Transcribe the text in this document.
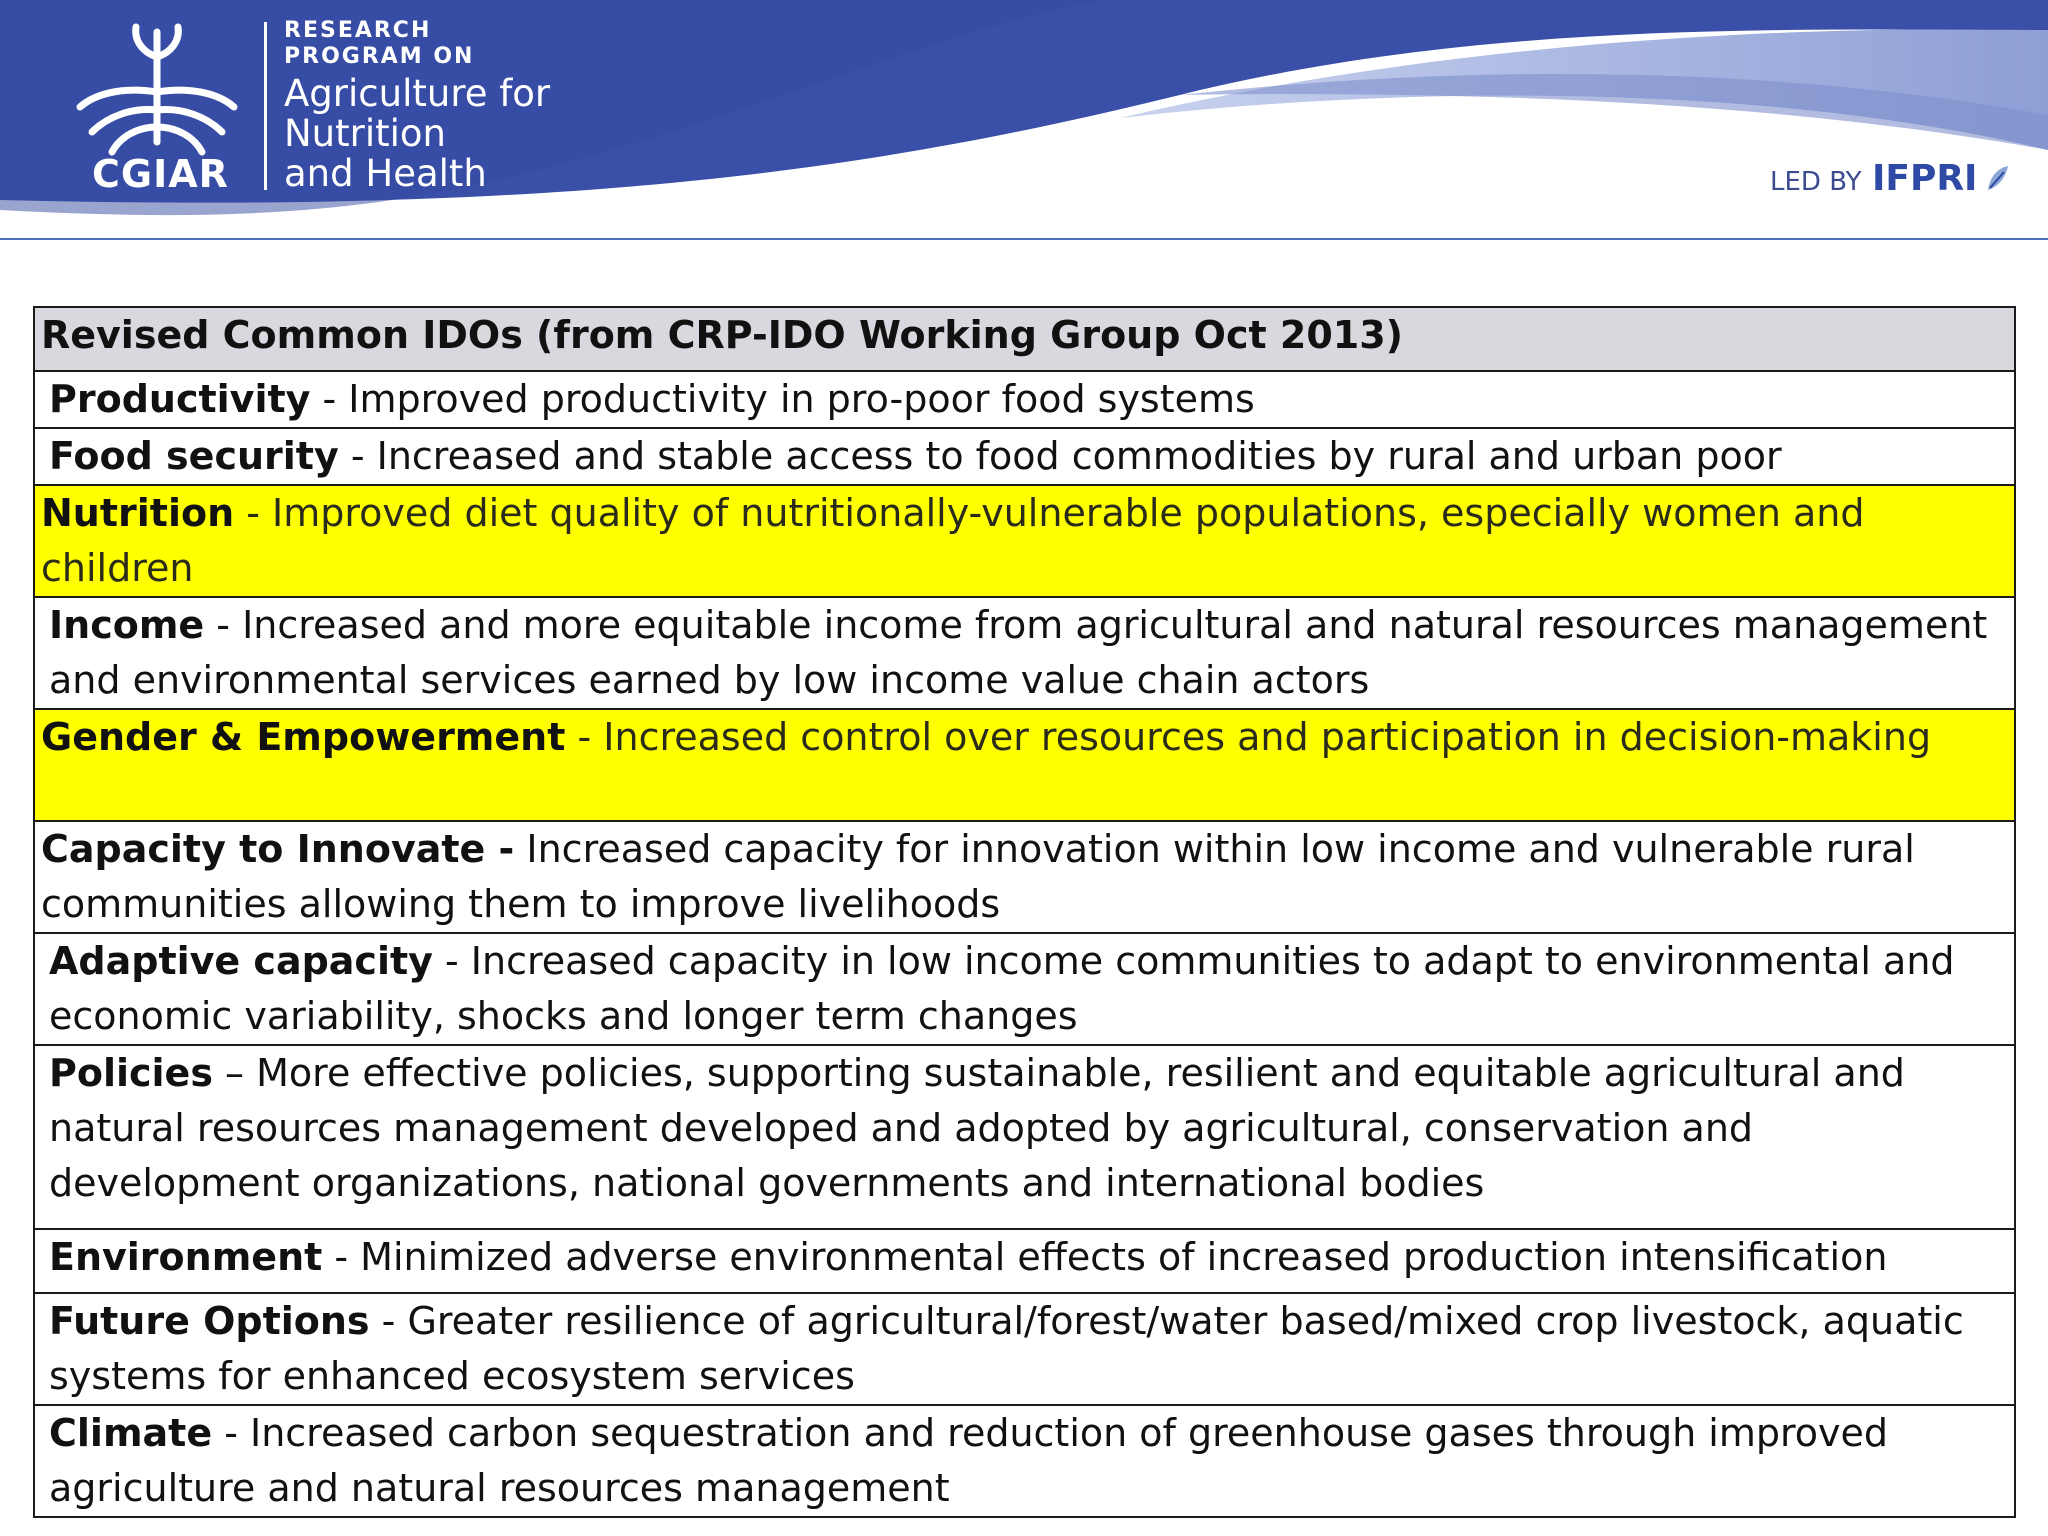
CGIAR
RESEARCH
PROGRAM ON
Agriculture for
Nutrition
and Health	LED BY IFPRI
Revised Common IDOs (from CRP-IDO Working Group Oct 2013)
Productivity - Improved productivity in pro-poor food systems
Food security - Increased and stable access to food commodities by rural and urban poor
Nutrition - Improved diet quality of nutritionally-vulnerable populations, especially women and children
Income - Increased and more equitable income from agricultural and natural resources management and environmental services earned by low income value chain actors
Gender & Empowerment - Increased control over resources and participation in decision-making
Capacity to Innovate - Increased capacity for innovation within low income and vulnerable rural communities allowing them to improve livelihoods
Adaptive capacity - Increased capacity in low income communities to adapt to environmental and economic variability, shocks and longer term changes
Policies – More effective policies, supporting sustainable, resilient and equitable agricultural and natural resources management developed and adopted by agricultural, conservation and development organizations, national governments and international bodies
Environment - Minimized adverse environmental effects of increased production intensification
Future Options - Greater resilience of agricultural/forest/water based/mixed crop livestock, aquatic systems for enhanced ecosystem services
Climate - Increased carbon sequestration and reduction of greenhouse gases through improved agriculture and natural resources management
